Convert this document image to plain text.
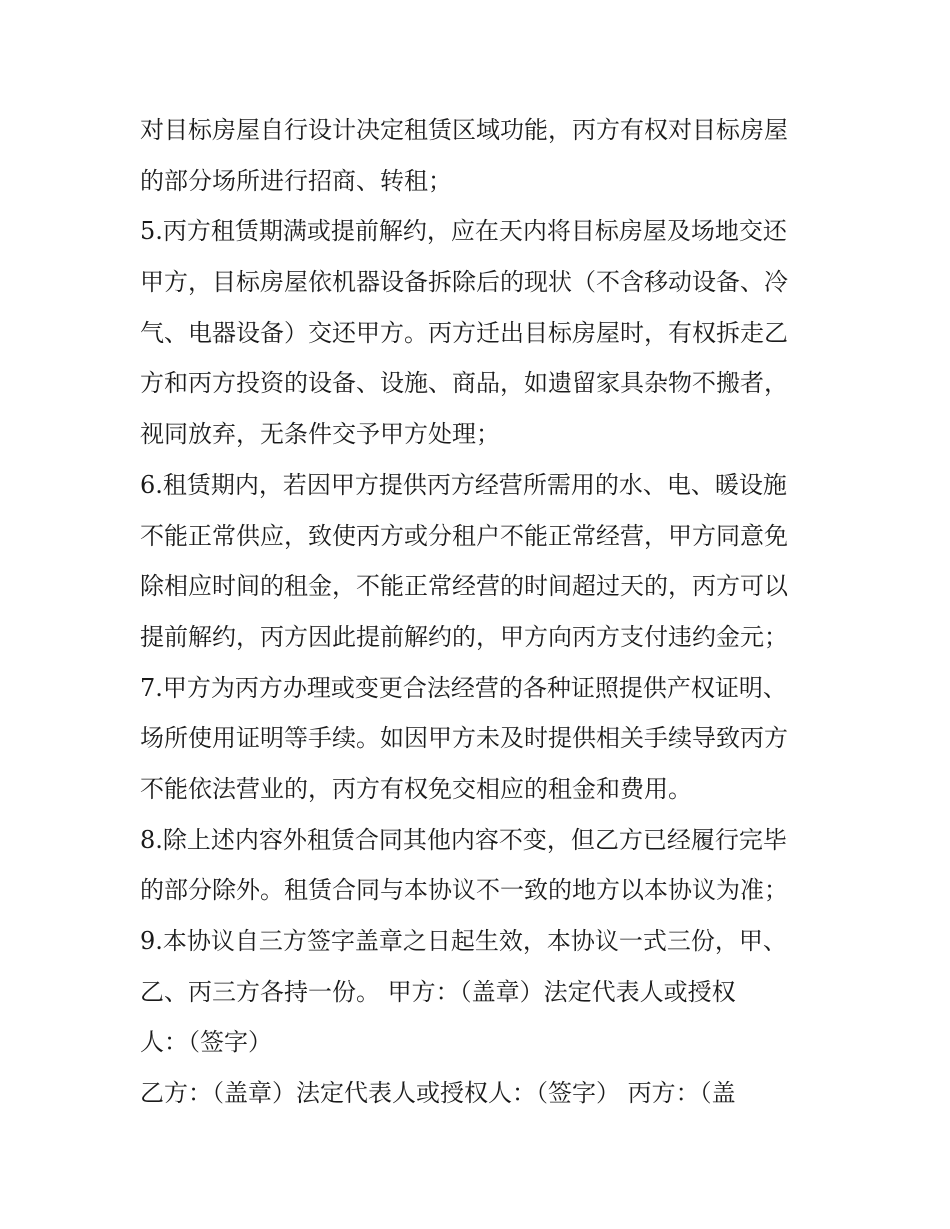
对目标房屋自行设计决定租赁区域功能，丙方有权对目标房屋
的部分场所进行招商、转租；
5.丙方租赁期满或提前解约，应在天内将目标房屋及场地交还
甲方，目标房屋依机器设备拆除后的现状（不含移动设备、冷
气、电器设备）交还甲方。丙方迁出目标房屋时，有权拆走乙
方和丙方投资的设备、设施、商品，如遗留家具杂物不搬者，
视同放弃，无条件交予甲方处理；
6.租赁期内，若因甲方提供丙方经营所需用的水、电、暖设施
不能正常供应，致使丙方或分租户不能正常经营，甲方同意免
除相应时间的租金，不能正常经营的时间超过天的，丙方可以
提前解约，丙方因此提前解约的，甲方向丙方支付违约金元；
7.甲方为丙方办理或变更合法经营的各种证照提供产权证明、
场所使用证明等手续。如因甲方未及时提供相关手续导致丙方
不能依法营业的，丙方有权免交相应的租金和费用。
8.除上述内容外租赁合同其他内容不变，但乙方已经履行完毕
的部分除外。租赁合同与本协议不一致的地方以本协议为准；
9.本协议自三方签字盖章之日起生效，本协议一式三份，甲、
乙、丙三方各持一份。 甲方：（盖章）法定代表人或授权
人：（签字）
乙方：（盖章）法定代表人或授权人：（签字） 丙方：（盖
